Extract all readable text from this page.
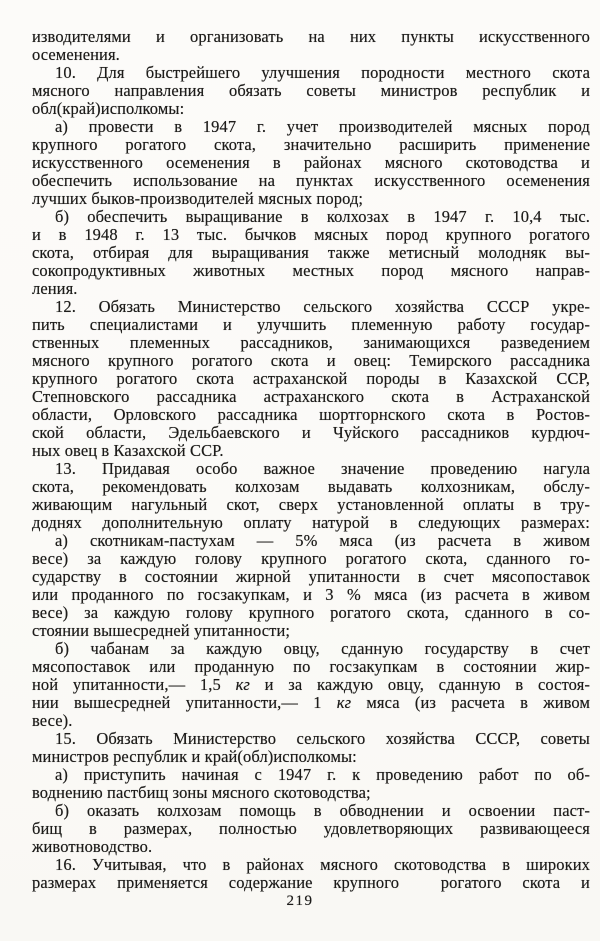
изводителями и организовать на них пункты искусственного
осеменения.
10. Для быстрейшего улучшения породности местного скота
мясного направления обязать советы министров республик и
обл(край)исполкомы:
а) провести в 1947 г. учет производителей мясных пород
крупного рогатого скота, значительно расширить применение
искусственного осеменения в районах мясного скотоводства и
обеспечить использование на пунктах искусственного осеменения
лучших быков-производителей мясных пород;
б) обеспечить выращивание в колхозах в 1947 г. 10,4 тыс.
и в 1948 г. 13 тыс. бычков мясных пород крупного рогатого
скота, отбирая для выращивания также метисный молодняк вы-
сокопродуктивных животных местных пород мясного направ-
ления.
12. Обязать Министерство сельского хозяйства СССР укре-
пить специалистами и улучшить племенную работу государ-
ственных племенных рассадников, занимающихся разведением
мясного крупного рогатого скота и овец: Темирского рассадника
крупного рогатого скота астраханской породы в Казахской ССР,
Степновского рассадника астраханского скота в Астраханской
области, Орловского рассадника шортгорнского скота в Ростов-
ской области, Эдельбаевского и Чуйского рассадников курдюч-
ных овец в Казахской ССР.
13. Придавая особо важное значение проведению нагула
скота, рекомендовать колхозам выдавать колхозникам, обслу-
живающим нагульный скот, сверх установленной оплаты в тру-
доднях дополнительную оплату натурой в следующих размерах:
а) скотникам-пастухам — 5% мяса (из расчета в живом
весе) за каждую голову крупного рогатого скота, сданного го-
сударству в состоянии жирной упитанности в счет мясопоставок
или проданного по госзакупкам, и 3 % мяса (из расчета в живом
весе) за каждую голову крупного рогатого скота, сданного в со-
стоянии вышесредней упитанности;
б) чабанам за каждую овцу, сданную государству в счет
мясопоставок или проданную по госзакупкам в состоянии жир-
ной упитанности,— 1,5 кг и за каждую овцу, сданную в состоя-
нии вышесредней упитанности,— 1 кг мяса (из расчета в живом
весе).
15. Обязать Министерство сельского хозяйства СССР, советы
министров республик и край(обл)исполкомы:
а) приступить начиная с 1947 г. к проведению работ по об-
воднению пастбищ зоны мясного скотоводства;
б) оказать колхозам помощь в обводнении и освоении паст-
бищ в размерах, полностью удовлетворяющих развивающееся
животноводство.
16. Учитывая, что в районах мясного скотоводства в широких
размерах применяется содержание крупного  рогатого скота и
219
